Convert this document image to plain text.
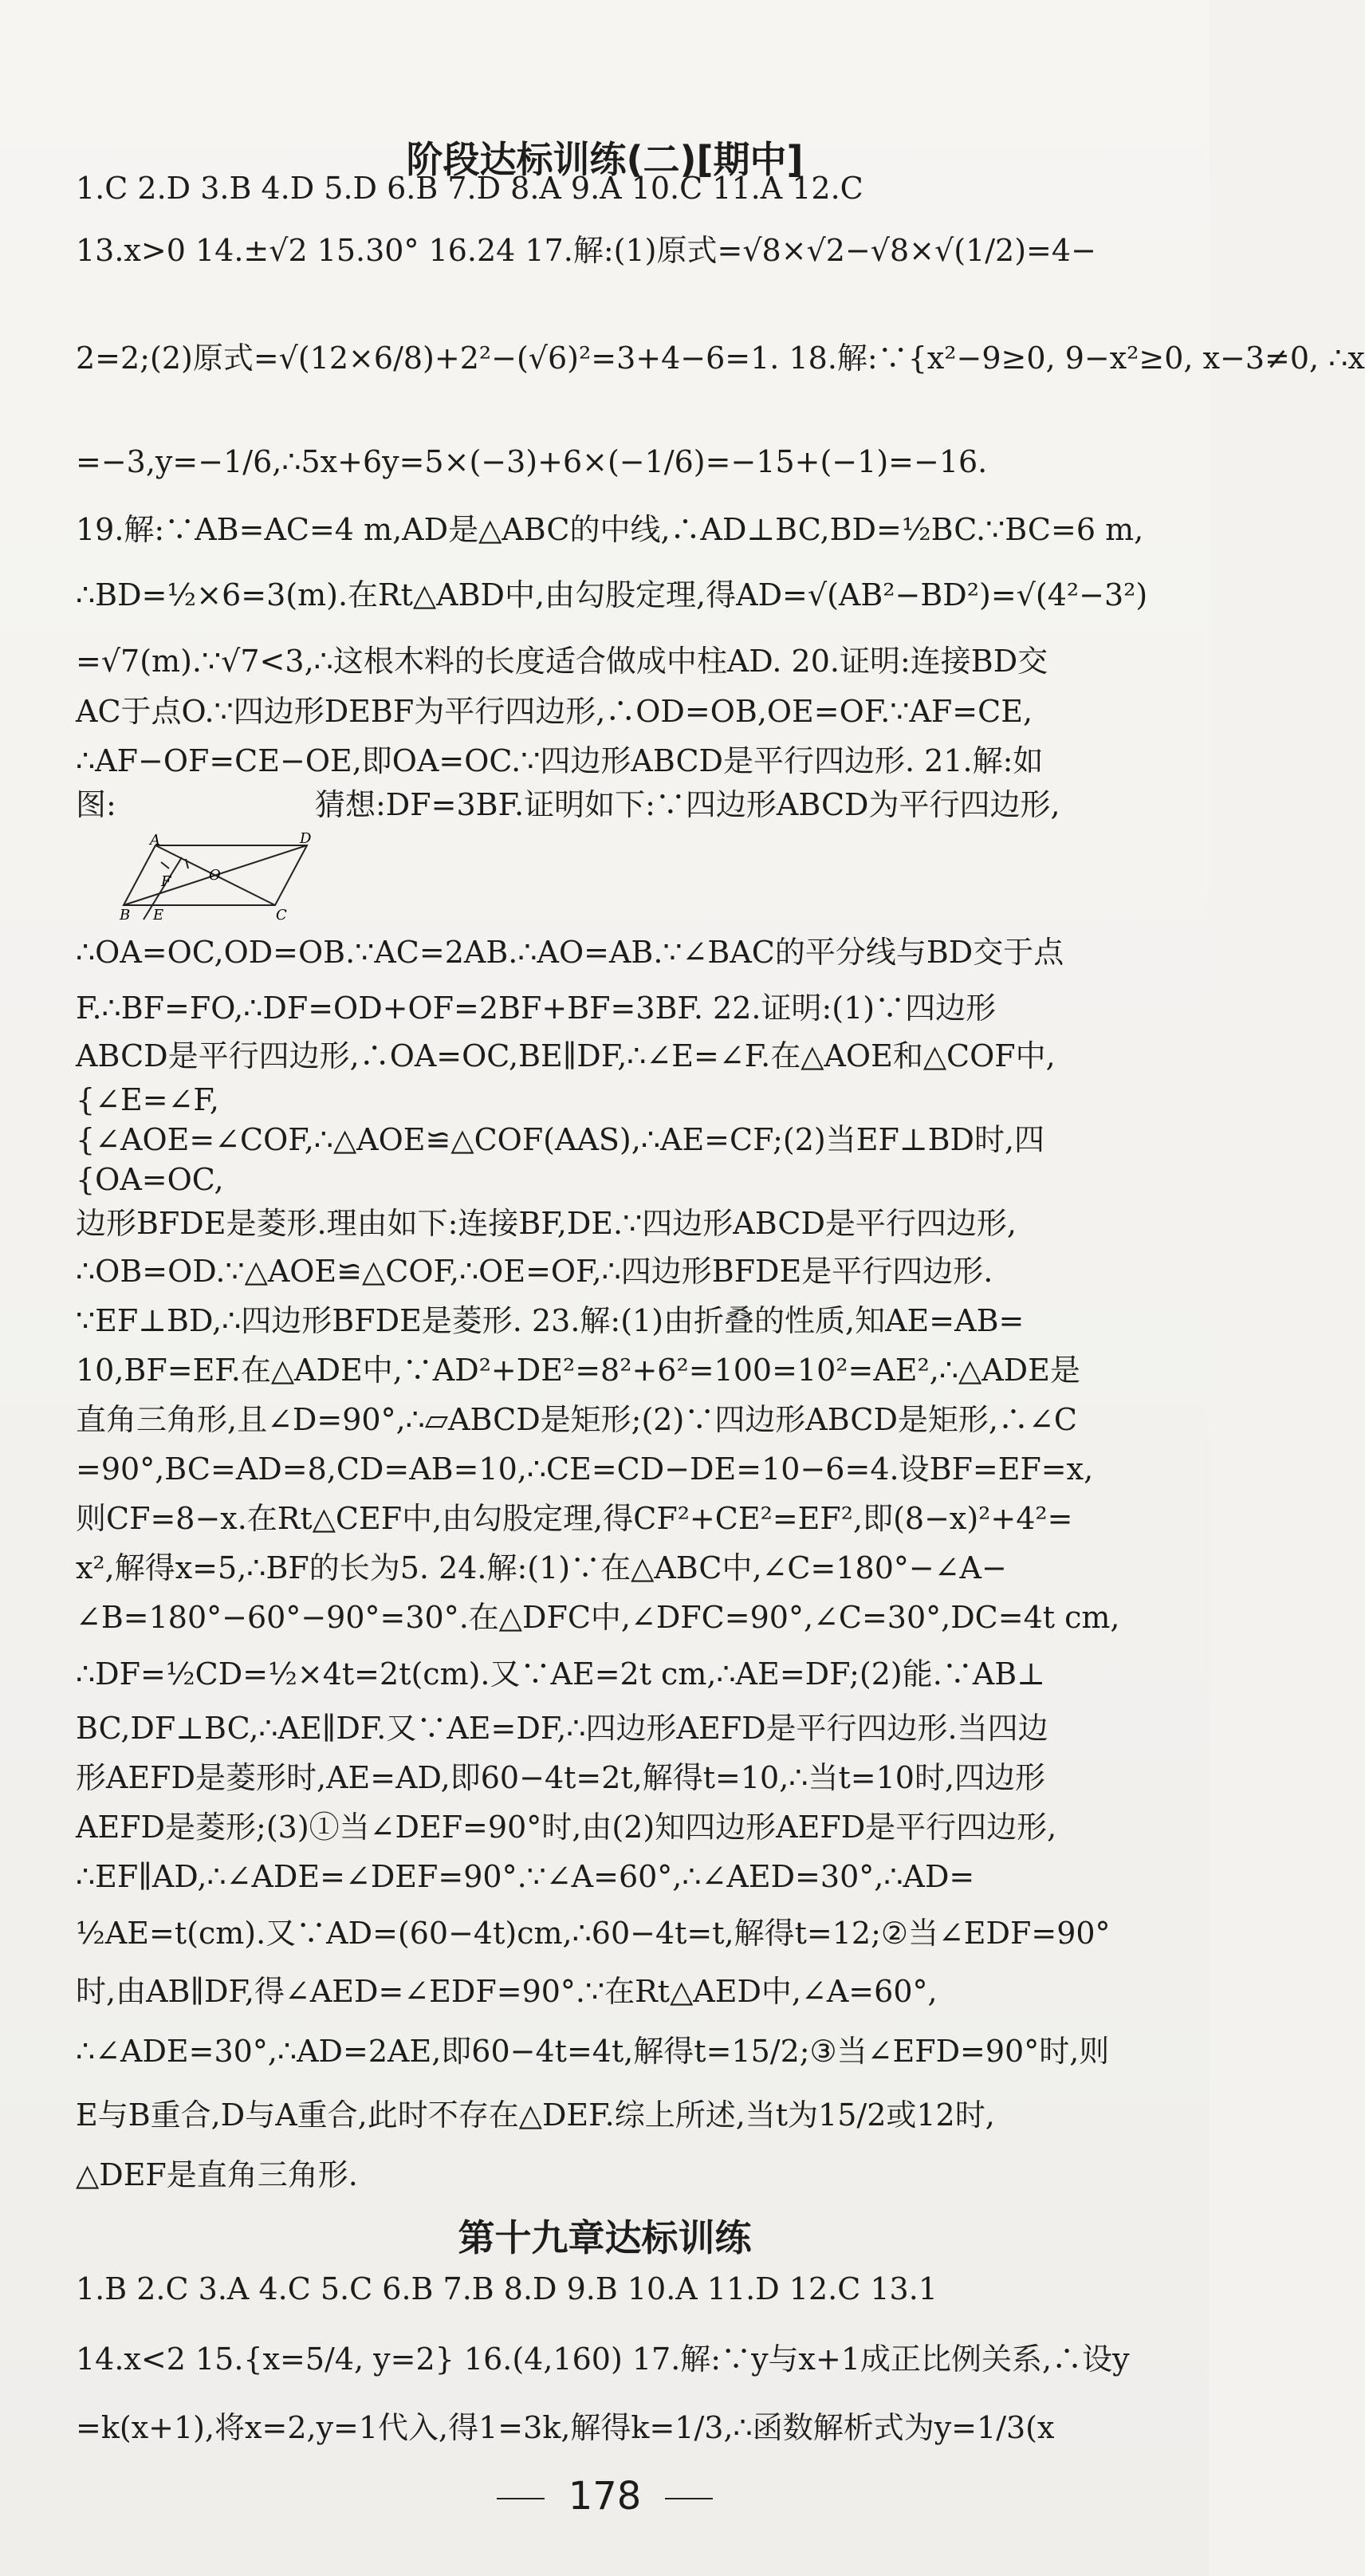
阶段达标训练(二)[期中]
1.C 2.D 3.B 4.D 5.D 6.B 7.D 8.A 9.A 10.C 11.A 12.C
13.x>0 14.±√2 15.30° 16.24 17.解:(1)原式=√8×√2−√8×√(1/2)=4−
2=2;(2)原式=√(12×6/8)+2²−(√6)²=3+4−6=1. 18.解:∵{x²−9≥0, 9−x²≥0, x−3≠0, ∴x
=−3,y=−1/6,∴5x+6y=5×(−3)+6×(−1/6)=−15+(−1)=−16.
19.解:∵AB=AC=4 m,AD是△ABC的中线,∴AD⊥BC,BD=½BC.∵BC=6 m,
∴BD=½×6=3(m).在Rt△ABD中,由勾股定理,得AD=√(AB²−BD²)=√(4²−3²)
=√7(m).∵√7<3,∴这根木料的长度适合做成中柱AD. 20.证明:连接BD交
AC于点O.∵四边形DEBF为平行四边形,∴OD=OB,OE=OF.∵AF=CE,
∴AF−OF=CE−OE,即OA=OC.∵四边形ABCD是平行四边形. 21.解:如
图:
A	D
F	O
B E	C
猜想:DF=3BF.证明如下:∵四边形ABCD为平行四边形,
∴OA=OC,OD=OB.∵AC=2AB.∴AO=AB.∵∠BAC的平分线与BD交于点
F.∴BF=FO,∴DF=OD+OF=2BF+BF=3BF. 22.证明:(1)∵四边形
ABCD是平行四边形,∴OA=OC,BE∥DF,∴∠E=∠F.在△AOE和△COF中,
{∠E=∠F,
{∠AOE=∠COF,∴△AOE≌△COF(AAS),∴AE=CF;(2)当EF⊥BD时,四
{OA=OC,
边形BFDE是菱形.理由如下:连接BF,DE.∵四边形ABCD是平行四边形,
∴OB=OD.∵△AOE≌△COF,∴OE=OF,∴四边形BFDE是平行四边形.
∵EF⊥BD,∴四边形BFDE是菱形. 23.解:(1)由折叠的性质,知AE=AB=
10,BF=EF.在△ADE中,∵AD²+DE²=8²+6²=100=10²=AE²,∴△ADE是
直角三角形,且∠D=90°,∴▱ABCD是矩形;(2)∵四边形ABCD是矩形,∴∠C
=90°,BC=AD=8,CD=AB=10,∴CE=CD−DE=10−6=4.设BF=EF=x,
则CF=8−x.在Rt△CEF中,由勾股定理,得CF²+CE²=EF²,即(8−x)²+4²=
x²,解得x=5,∴BF的长为5. 24.解:(1)∵在△ABC中,∠C=180°−∠A−
∠B=180°−60°−90°=30°.在△DFC中,∠DFC=90°,∠C=30°,DC=4t cm,
∴DF=½CD=½×4t=2t(cm).又∵AE=2t cm,∴AE=DF;(2)能.∵AB⊥
BC,DF⊥BC,∴AE∥DF.又∵AE=DF,∴四边形AEFD是平行四边形.当四边
形AEFD是菱形时,AE=AD,即60−4t=2t,解得t=10,∴当t=10时,四边形
AEFD是菱形;(3)①当∠DEF=90°时,由(2)知四边形AEFD是平行四边形,
∴EF∥AD,∴∠ADE=∠DEF=90°.∵∠A=60°,∴∠AED=30°,∴AD=
½AE=t(cm).又∵AD=(60−4t)cm,∴60−4t=t,解得t=12;②当∠EDF=90°
时,由AB∥DF,得∠AED=∠EDF=90°.∵在Rt△AED中,∠A=60°,
∴∠ADE=30°,∴AD=2AE,即60−4t=4t,解得t=15/2;③当∠EFD=90°时,则
E与B重合,D与A重合,此时不存在△DEF.综上所述,当t为15/2或12时,
△DEF是直角三角形.
第十九章达标训练
1.B 2.C 3.A 4.C 5.C 6.B 7.B 8.D 9.B 10.A 11.D 12.C 13.1
14.x<2 15.{x=5/4, y=2} 16.(4,160) 17.解:∵y与x+1成正比例关系,∴设y
=k(x+1),将x=2,y=1代入,得1=3k,解得k=1/3,∴函数解析式为y=1/3(x
178
